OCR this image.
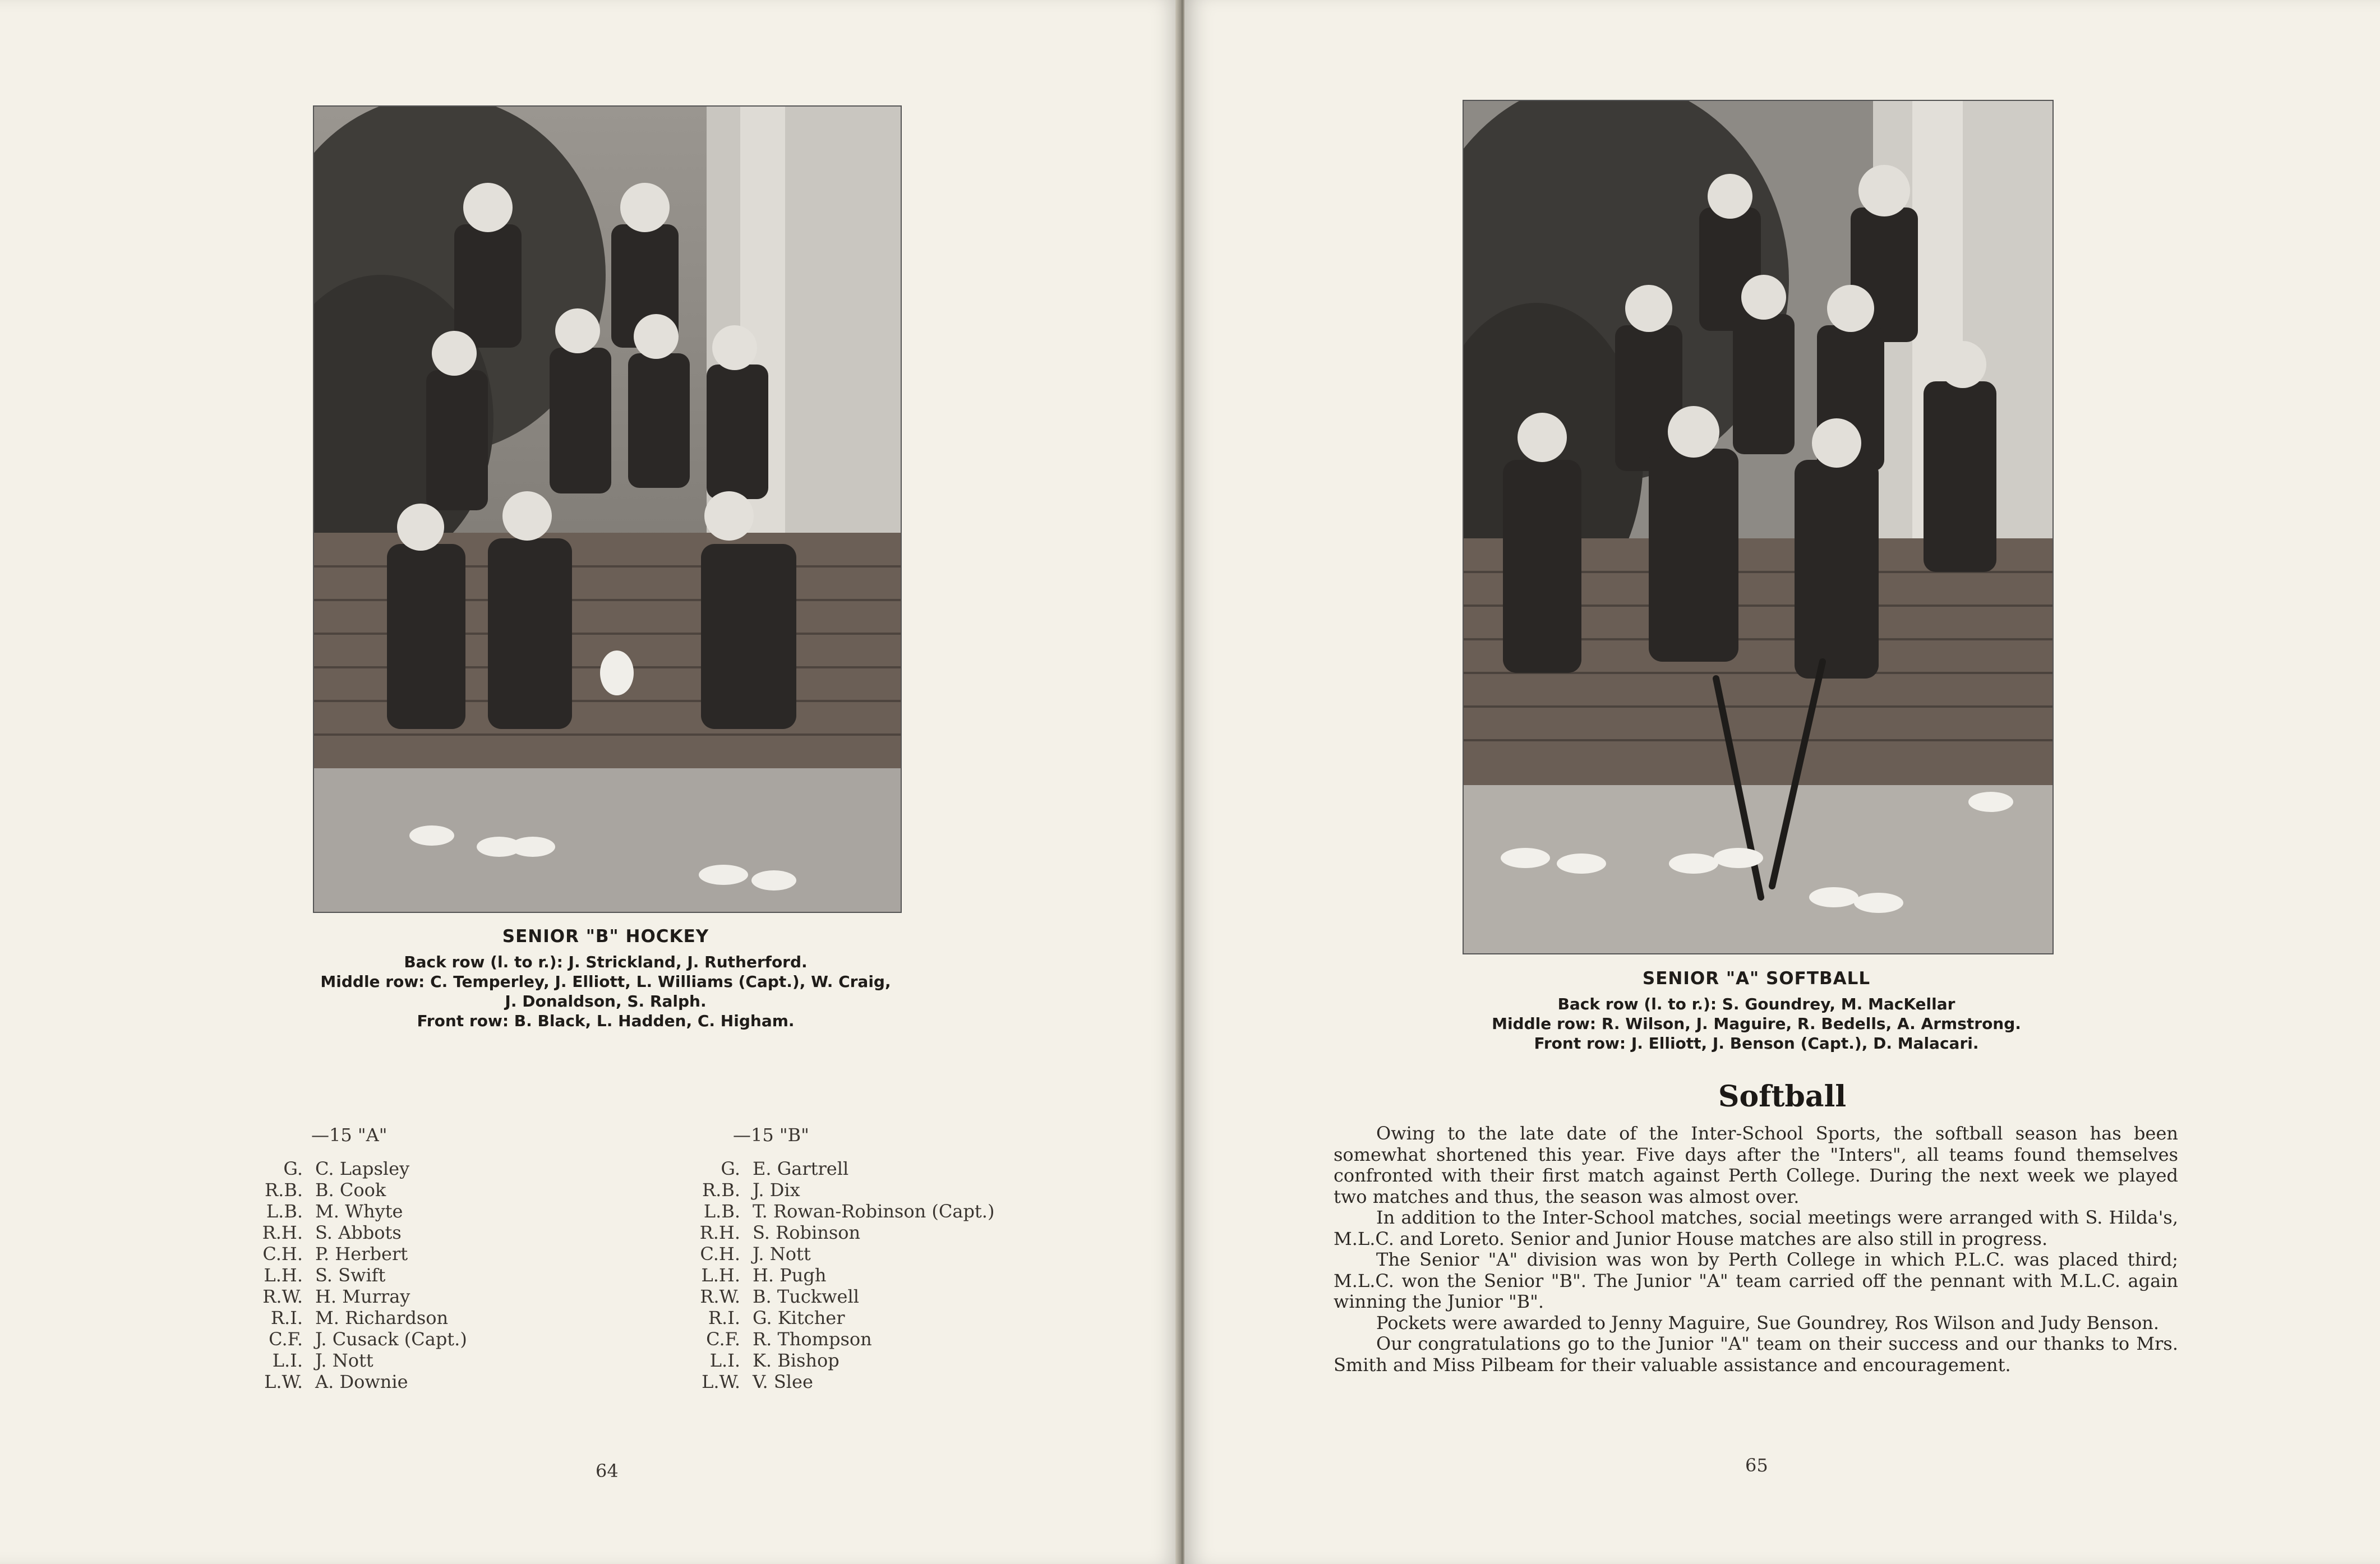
SENIOR "B" HOCKEY
Back row (l. to r.): J. Strickland, J. Rutherford.
Middle row: C. Temperley, J. Elliott, L. Williams (Capt.), W. Craig,
J. Donaldson, S. Ralph.
Front row: B. Black, L. Hadden, C. Higham.
—15 "A"
G. C. Lapsley
R.B. B. Cook
L.B. M. Whyte
R.H. S. Abbots
C.H. P. Herbert
L.H. S. Swift
R.W. H. Murray
R.I. M. Richardson
C.F. J. Cusack (Capt.)
L.I. J. Nott
L.W. A. Downie
—15 "B"
G. E. Gartrell
R.B. J. Dix
L.B. T. Rowan-Robinson (Capt.)
R.H. S. Robinson
C.H. J. Nott
L.H. H. Pugh
R.W. B. Tuckwell
R.I. G. Kitcher
C.F. R. Thompson
L.I. K. Bishop
L.W. V. Slee
64
SENIOR "A" SOFTBALL
Back row (l. to r.): S. Goundrey, M. MacKellar
Middle row: R. Wilson, J. Maguire, R. Bedells, A. Armstrong.
Front row: J. Elliott, J. Benson (Capt.), D. Malacari.
Softball

Owing to the late date of the Inter-School Sports, the softball season has been somewhat shortened this year. Five days after the "Inters", all teams found themselves confronted with their first match against Perth College. During the next week we played two matches and thus, the season was almost over.

In addition to the Inter-School matches, social meetings were arranged with S. Hilda's, M.L.C. and Loreto. Senior and Junior House matches are also still in progress.

The Senior "A" division was won by Perth College in which P.L.C. was placed third; M.L.C. won the Senior "B". The Junior "A" team carried off the pennant with M.L.C. again winning the Junior "B".

Pockets were awarded to Jenny Maguire, Sue Goundrey, Ros Wilson and Judy Benson.

Our congratulations go to the Junior "A" team on their success and our thanks to Mrs. Smith and Miss Pilbeam for their valuable assistance and encouragement.

65
